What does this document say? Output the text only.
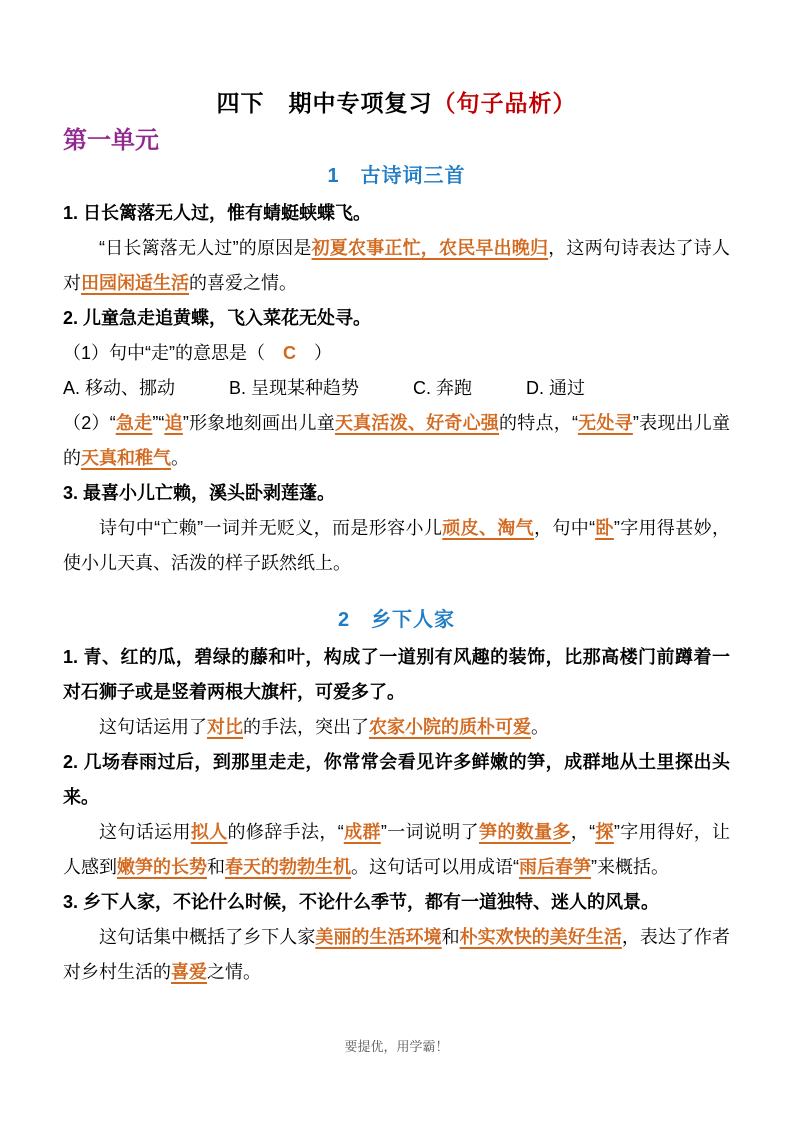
四下　期中专项复习（句子品析）
第一单元
1　古诗词三首

1. 日长篱落无人过，惟有蜻蜓蛱蝶飞。

“日长篱落无人过”的原因是初夏农事正忙，农民早出晚归，这两句诗表达了诗人对田园闲适生活的喜爱之情。

2. 儿童急走追黄蝶，飞入菜花无处寻。

（1）句中“走”的意思是（　C　）

A. 移动、挪动　　　B. 呈现某种趋势　　　C. 奔跑　　　D. 通过

（2）“急走”“追”形象地刻画出儿童天真活泼、好奇心强的特点，“无处寻”表现出儿童的天真和稚气。

3. 最喜小儿亡赖，溪头卧剥莲蓬。

诗句中“亡赖”一词并无贬义，而是形容小儿顽皮、淘气，句中“卧”字用得甚妙，使小儿天真、活泼的样子跃然纸上。

2　乡下人家

1. 青、红的瓜，碧绿的藤和叶，构成了一道别有风趣的装饰，比那高楼门前蹲着一对石狮子或是竖着两根大旗杆，可爱多了。

这句话运用了对比的手法，突出了农家小院的质朴可爱。

2. 几场春雨过后，到那里走走，你常常会看见许多鲜嫩的笋，成群地从土里探出头来。

这句话运用拟人的修辞手法，“成群”一词说明了笋的数量多，“探”字用得好，让人感到嫩笋的长势和春天的勃勃生机。这句话可以用成语“雨后春笋”来概括。

3. 乡下人家，不论什么时候，不论什么季节，都有一道独特、迷人的风景。

这句话集中概括了乡下人家美丽的生活环境和朴实欢快的美好生活，表达了作者对乡村生活的喜爱之情。

要提优，用学霸！
